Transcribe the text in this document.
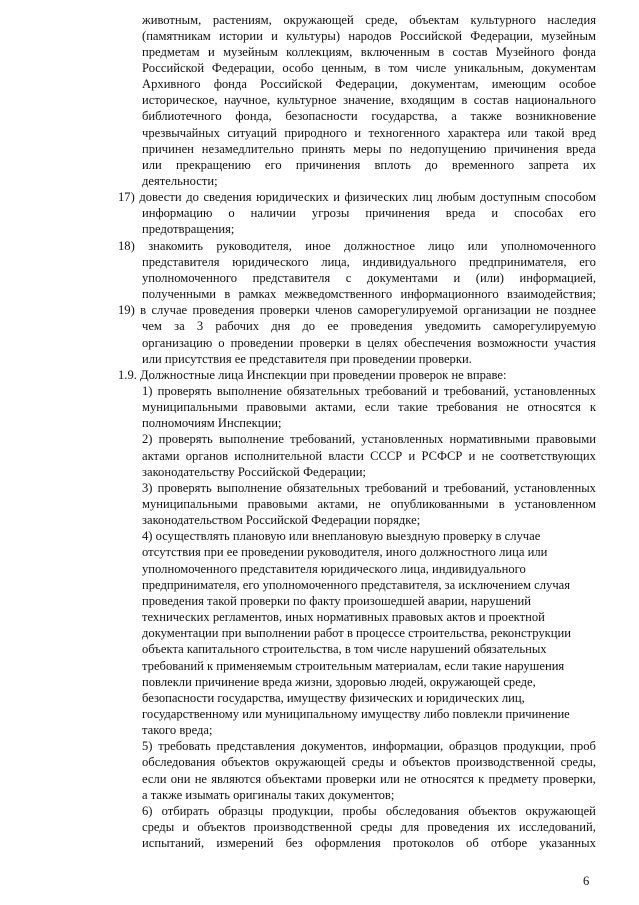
животным, растениям, окружающей среде, объектам культурного наследия
(памятникам истории и культуры) народов Российской Федерации, музейным
предметам и музейным коллекциям, включенным в состав Музейного фонда
Российской Федерации, особо ценным, в том числе уникальным, документам
Архивного фонда Российской Федерации, документам, имеющим особое
историческое, научное, культурное значение, входящим в состав национального
библиотечного фонда, безопасности государства, а также возникновение
чрезвычайных ситуаций природного и техногенного характера или такой вред
причинен незамедлительно принять меры по недопущению причинения вреда
или прекращению его причинения вплоть до временного запрета их
деятельности;
17) довести до сведения юридических и физических лиц любым доступным способом
информацию о наличии угрозы причинения вреда и способах его
предотвращения;
18) знакомить руководителя, иное должностное лицо или уполномоченного
представителя юридического лица, индивидуального предпринимателя, его
уполномоченного представителя с документами и (или) информацией,
полученными в рамках межведомственного информационного взаимодействия;
19) в случае проведения проверки членов саморегулируемой организации не позднее
чем за 3 рабочих дня до ее проведения уведомить саморегулируемую
организацию о проведении проверки в целях обеспечения возможности участия
или присутствия ее представителя при проведении проверки.
1.9. Должностные лица Инспекции при проведении проверок не вправе:
1) проверять выполнение обязательных требований и требований, установленных
муниципальными правовыми актами, если такие требования не относятся к
полномочиям Инспекции;
2) проверять выполнение требований, установленных нормативными правовыми
актами органов исполнительной власти СССР и РСФСР и не соответствующих
законодательству Российской Федерации;
3) проверять выполнение обязательных требований и требований, установленных
муниципальными правовыми актами, не опубликованными в установленном
законодательством Российской Федерации порядке;
4) осуществлять плановую или внеплановую выездную проверку в случае
отсутствия при ее проведении руководителя, иного должностного лица или
уполномоченного представителя юридического лица, индивидуального
предпринимателя, его уполномоченного представителя, за исключением случая
проведения такой проверки по факту произошедшей аварии, нарушений
технических регламентов, иных нормативных правовых актов и проектной
документации при выполнении работ в процессе строительства, реконструкции
объекта капитального строительства, в том числе нарушений обязательных
требований к применяемым строительным материалам, если такие нарушения
повлекли причинение вреда жизни, здоровью людей, окружающей среде,
безопасности государства, имуществу физических и юридических лиц,
государственному или муниципальному имуществу либо повлекли причинение
такого вреда;
5) требовать представления документов, информации, образцов продукции, проб
обследования объектов окружающей среды и объектов производственной среды,
если они не являются объектами проверки или не относятся к предмету проверки,
а также изымать оригиналы таких документов;
6) отбирать образцы продукции, пробы обследования объектов окружающей
среды и объектов производственной среды для проведения их исследований,
испытаний, измерений без оформления протоколов об отборе указанных
6
